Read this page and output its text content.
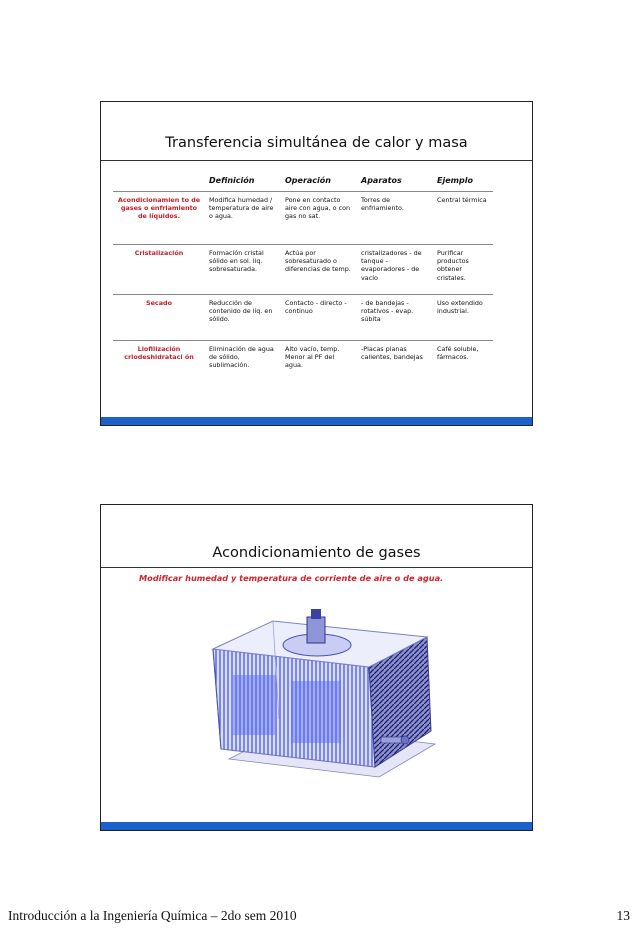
Transferencia simultánea de calor y masa
	Definición	Operación	Aparatos	Ejemplo
Acondicionamien to de gases o enfriamiento de líquidos.	Modifica humedad / temperatura de aire o agua.	Pone en contacto aire con agua, o con gas no sat.	Torres de enfriamiento.	Central térmica
Cristalización	Formación cristal sólido en sol. liq. sobresaturada.	Actúa por sobresaturado o diferencias de temp.	cristalizadores - de tanque - evaporadores - de vacío	Purificar productos obtener cristales.
Secado	Reducción de contenido de líq. en sólido.	Contacto - directo - continuo	- de bandejas - rotativos - evap. súbita	Uso extendido industrial.
Liofilización criodeshidrataci ón	Eliminación de agua de sólido, sublimación.	Alto vacío, temp. Menor al PF del agua.	-Placas planas calientes, bandejas	Café soluble, fármacos.
Acondicionamiento de gases
Modificar humedad y temperatura de corriente de aire o de agua.
Introducción a la Ingeniería Química – 2do sem 2010	13
